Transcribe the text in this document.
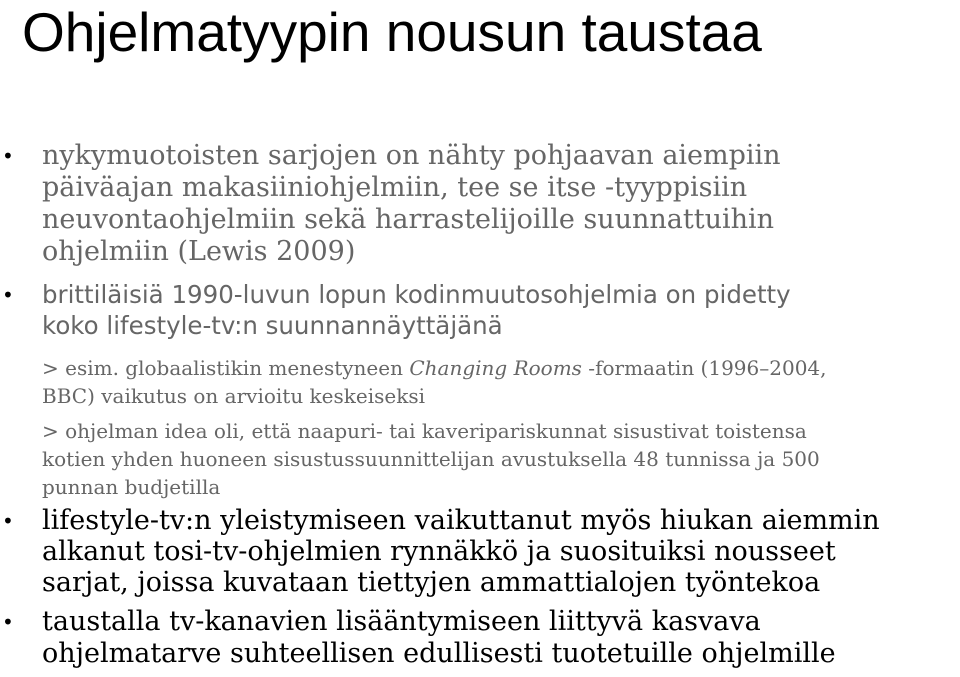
Ohjelmatyypin nousun taustaa
• nykymuotoisten sarjojen on nähty pohjaavan aiempiin
päiväajan makasiiniohjelmiin, tee se itse -tyyppisiin
neuvontaohjelmiin sekä harrastelijoille suunnattuihin
ohjelmiin (Lewis 2009)
• brittiläisiä 1990-luvun lopun kodinmuutosohjelmia on pidetty
koko lifestyle-tv:n suunnannäyttäjänä
> esim. globaalistikin menestyneen Changing Rooms -formaatin (1996–2004,
BBC) vaikutus on arvioitu keskeiseksi
> ohjelman idea oli, että naapuri- tai kaveripariskunnat sisustivat toistensa
kotien yhden huoneen sisustussuunnittelijan avustuksella 48 tunnissa ja 500
punnan budjetilla
• lifestyle-tv:n yleistymiseen vaikuttanut myös hiukan aiemmin
alkanut tosi-tv-ohjelmien rynnäkkö ja suosituiksi nousseet
sarjat, joissa kuvataan tiettyjen ammattialojen työntekoa
• taustalla tv-kanavien lisääntymiseen liittyvä kasvava
ohjelmatarve suhteellisen edullisesti tuotetuille ohjelmille
